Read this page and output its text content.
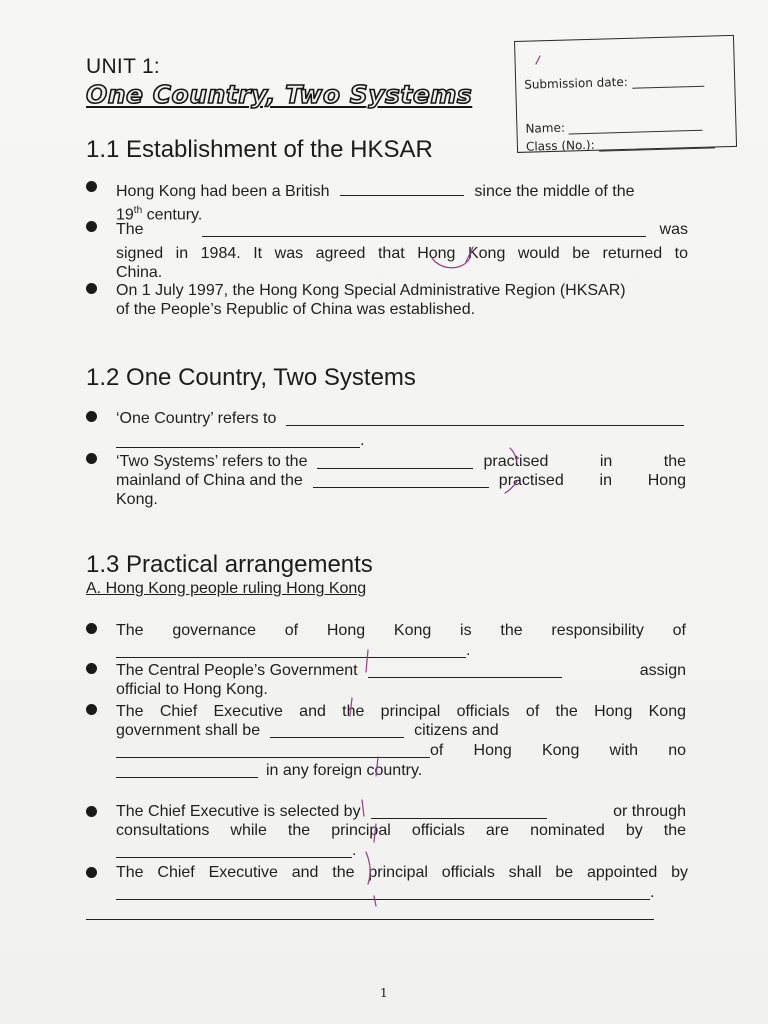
UNIT 1:
One Country, Two Systems	Submission date:
Name:
Class (No.):
1.1 Establishment of the HKSAR
Hong Kong had been a British	since the middle of the
19th century.
The	was
signed in 1984. It was agreed that Hong Kong would be returned to
China.
On 1 July 1997, the Hong Kong Special Administrative Region (HKSAR)
of the People’s Republic of China was established.
1.2 One Country, Two Systems
‘One Country’ refers to
.
‘Two Systems’ refers to the	practised in the
mainland of China and the	practised in Hong
Kong.
1.3 Practical arrangements
A. Hong Kong people ruling Hong Kong
The governance of Hong Kong is the responsibility of
.
The Central People’s Government	assign
official to Hong Kong.
The Chief Executive and the principal officials of the Hong Kong
government shall be	citizens and
of Hong Kong with no
in any foreign country.
The Chief Executive is selected by	or through
consultations while the principal officials are nominated by the
.
The Chief Executive and the principal officials shall be appointed by
.
1
